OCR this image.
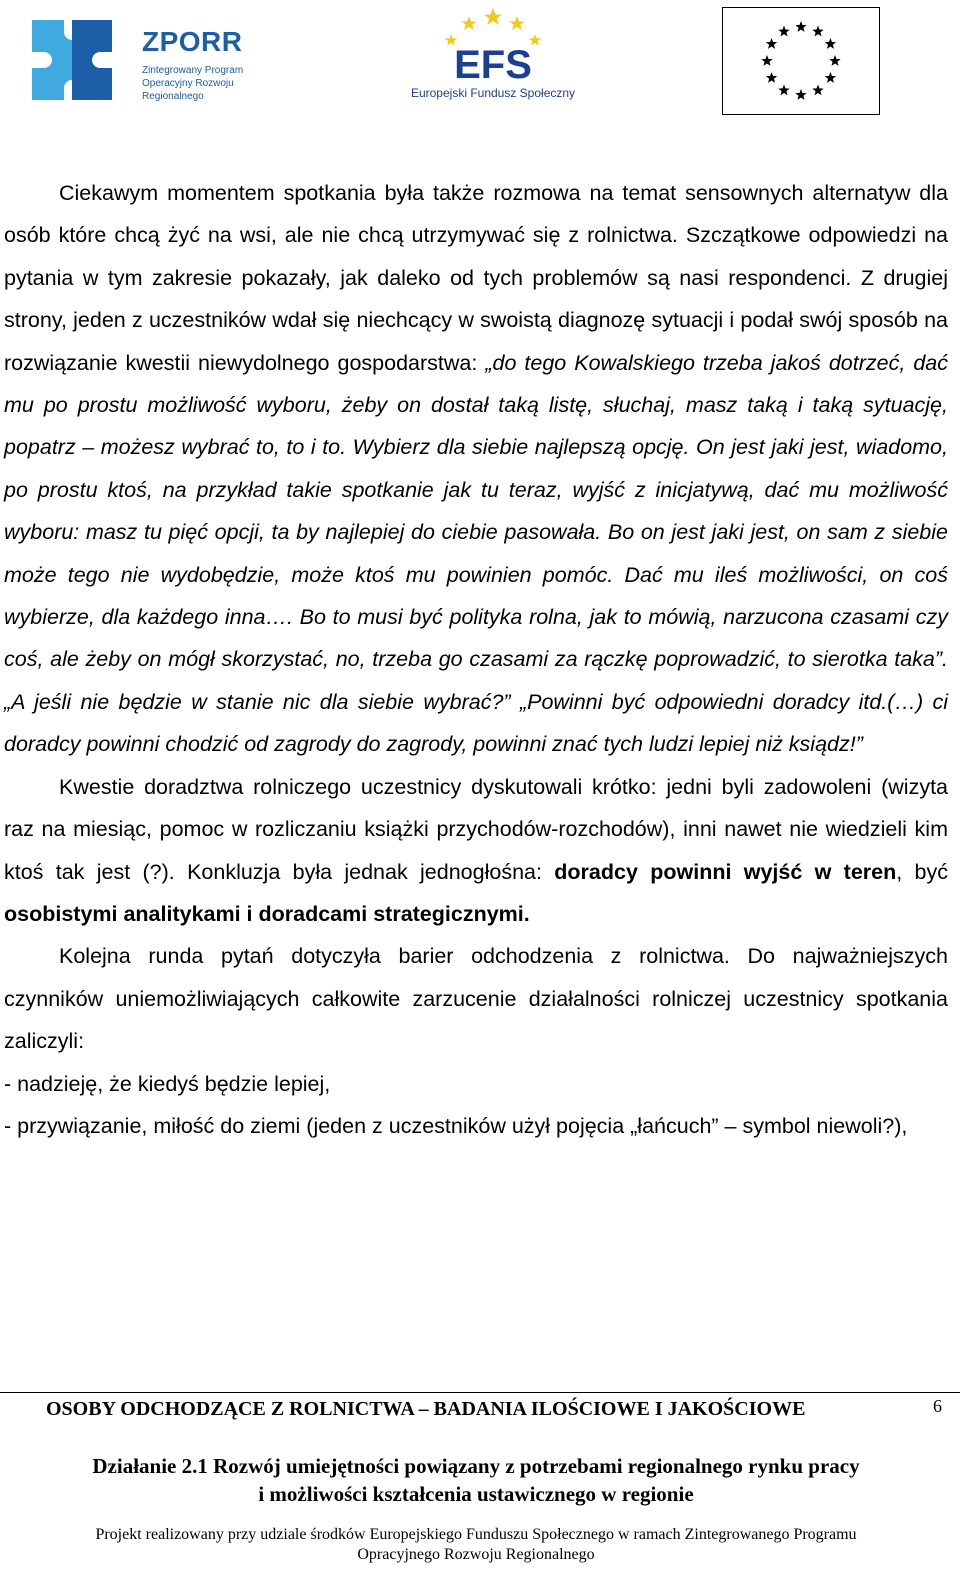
ZPORR
Zintegrowany Program Operacyjny Rozwoju Regionalnego
EFS
Europejski Fundusz Społeczny

Ciekawym momentem spotkania była także rozmowa na temat sensownych alternatyw dla osób które chcą żyć na wsi, ale nie chcą utrzymywać się z rolnictwa. Szczątkowe odpowiedzi na pytania w tym zakresie pokazały, jak daleko od tych problemów są nasi respondenci. Z drugiej strony, jeden z uczestników wdał się niechcący w swoistą diagnozę sytuacji i podał swój sposób na rozwiązanie kwestii niewydolnego gospodarstwa: „do tego Kowalskiego trzeba jakoś dotrzeć, dać mu po prostu możliwość wyboru, żeby on dostał taką listę, słuchaj, masz taką i taką sytuację, popatrz – możesz wybrać to, to i to. Wybierz dla siebie najlepszą opcję. On jest jaki jest, wiadomo, po prostu ktoś, na przykład takie spotkanie jak tu teraz, wyjść z inicjatywą, dać mu możliwość wyboru: masz tu pięć opcji, ta by najlepiej do ciebie pasowała. Bo on jest jaki jest, on sam z siebie może tego nie wydobędzie, może ktoś mu powinien pomóc. Dać mu ileś możliwości, on coś wybierze, dla każdego inna…. Bo to musi być polityka rolna, jak to mówią, narzucona czasami czy coś, ale żeby on mógł skorzystać, no, trzeba go czasami za rączkę poprowadzić, to sierotka taka”. „A jeśli nie będzie w stanie nic dla siebie wybrać?” „Powinni być odpowiedni doradcy itd.(…) ci doradcy powinni chodzić od zagrody do zagrody, powinni znać tych ludzi lepiej niż ksiądz!”

Kwestie doradztwa rolniczego uczestnicy dyskutowali krótko: jedni byli zadowoleni (wizyta raz na miesiąc, pomoc w rozliczaniu książki przychodów-rozchodów), inni nawet nie wiedzieli kim ktoś tak jest (?). Konkluzja była jednak jednogłośna: doradcy powinni wyjść w teren, być osobistymi analitykami i doradcami strategicznymi.

Kolejna runda pytań dotyczyła barier odchodzenia z rolnictwa. Do najważniejszych czynników uniemożliwiających całkowite zarzucenie działalności rolniczej uczestnicy spotkania zaliczyli:

- nadzieję, że kiedyś będzie lepiej,

- przywiązanie, miłość do ziemi (jeden z uczestników użył pojęcia „łańcuch” – symbol niewoli?),

OSOBY ODCHODZĄCE Z ROLNICTWA – BADANIA ILOŚCIOWE I JAKOŚCIOWE	6
Działanie 2.1 Rozwój umiejętności powiązany z potrzebami regionalnego rynku pracy
i możliwości kształcenia ustawicznego w regionie
Projekt realizowany przy udziale środków Europejskiego Funduszu Społecznego w ramach Zintegrowanego Programu
Opracyjnego Rozwoju Regionalnego
